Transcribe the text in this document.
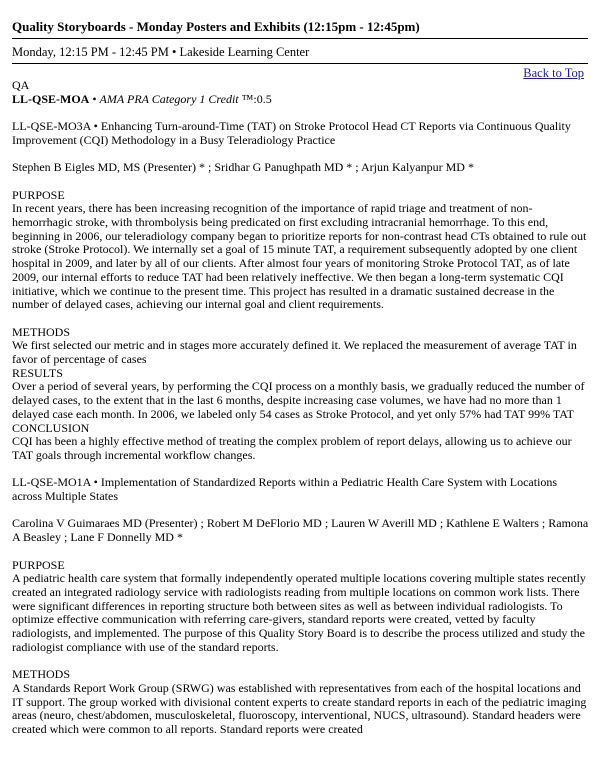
Quality Storyboards - Monday Posters and Exhibits (12:15pm - 12:45pm)
Monday, 12:15 PM - 12:45 PM • Lakeside Learning Center
Back to Top

QA

LL-QSE-MOA • AMA PRA Category 1 Credit ™:0.5

LL-QSE-MO3A • Enhancing Turn-around-Time (TAT) on Stroke Protocol Head CT Reports via Continuous Quality Improvement (CQI) Methodology in a Busy Teleradiology Practice

Stephen B Eigles MD, MS (Presenter) * ; Sridhar G Panughpath MD * ; Arjun Kalyanpur MD *

PURPOSE

In recent years, there has been increasing recognition of the importance of rapid triage and treatment of non-hemorrhagic stroke, with thrombolysis being predicated on first excluding intracranial hemorrhage. To this end, beginning in 2006, our teleradiology company began to prioritize reports for non-contrast head CTs obtained to rule out stroke (Stroke Protocol). We internally set a goal of 15 minute TAT, a requirement subsequently adopted by one client hospital in 2009, and later by all of our clients. After almost four years of monitoring Stroke Protocol TAT, as of late 2009, our internal efforts to reduce TAT had been relatively ineffective. We then began a long-term systematic CQI initiative, which we continue to the present time. This project has resulted in a dramatic sustained decrease in the number of delayed cases, achieving our internal goal and client requirements.

METHODS

We first selected our metric and in stages more accurately defined it. We replaced the measurement of average TAT in favor of percentage of cases

RESULTS

Over a period of several years, by performing the CQI process on a monthly basis, we gradually reduced the number of delayed cases, to the extent that in the last 6 months, despite increasing case volumes, we have had no more than 1 delayed case each month. In 2006, we labeled only 54 cases as Stroke Protocol, and yet only 57% had TAT 99% TAT

CONCLUSION

CQI has been a highly effective method of treating the complex problem of report delays, allowing us to achieve our TAT goals through incremental workflow changes.

LL-QSE-MO1A • Implementation of Standardized Reports within a Pediatric Health Care System with Locations across Multiple States

Carolina V Guimaraes MD (Presenter) ; Robert M DeFlorio MD ; Lauren W Averill MD ; Kathlene E Walters ; Ramona A Beasley ; Lane F Donnelly MD *

PURPOSE

A pediatric health care system that formally independently operated multiple locations covering multiple states recently created an integrated radiology service with radiologists reading from multiple locations on common work lists. There were significant differences in reporting structure both between sites as well as between individual radiologists. To optimize effective communication with referring care-givers, standard reports were created, vetted by faculty radiologists, and implemented. The purpose of this Quality Story Board is to describe the process utilized and study the radiologist compliance with use of the standard reports.

METHODS

A Standards Report Work Group (SRWG) was established with representatives from each of the hospital locations and IT support. The group worked with divisional content experts to create standard reports in each of the pediatric imaging areas (neuro, chest/abdomen, musculoskeletal, fluoroscopy, interventional, NUCS, ultrasound). Standard headers were created which were common to all reports. Standard reports were created
